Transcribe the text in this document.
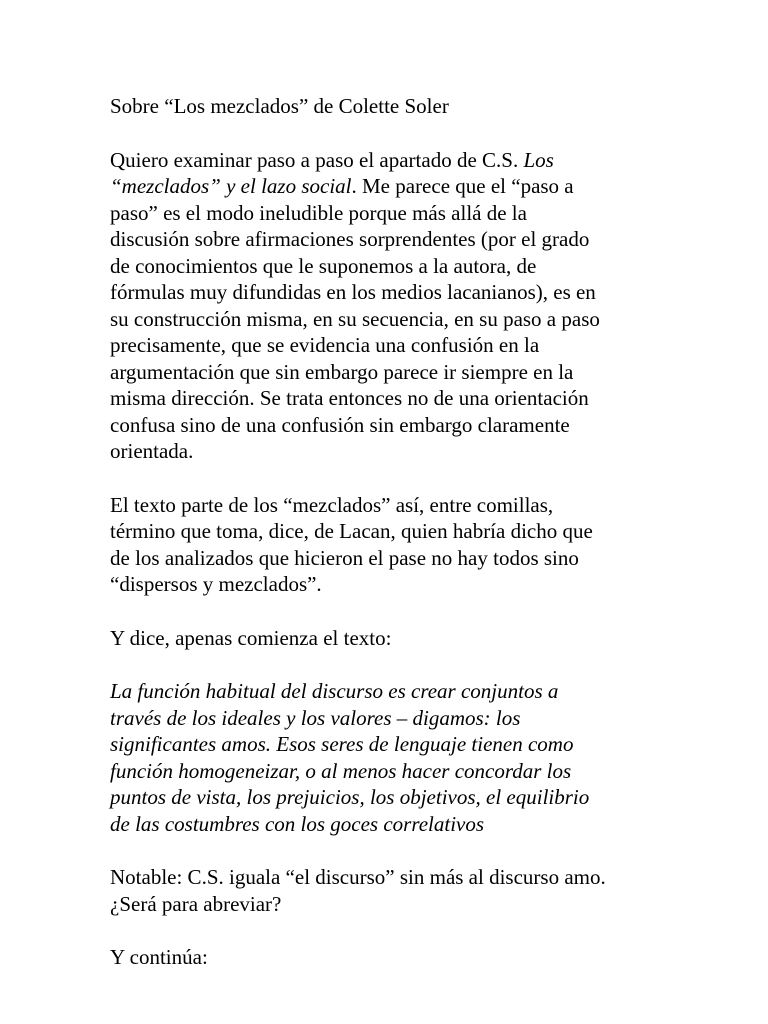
Sobre “Los mezclados” de Colette Soler
Quiero examinar paso a paso el apartado de C.S. Los
“mezclados” y el lazo social. Me parece que el “paso a
paso” es el modo ineludible porque más allá de la
discusión sobre afirmaciones sorprendentes (por el grado
de conocimientos que le suponemos a la autora, de
fórmulas muy difundidas en los medios lacanianos), es en
su construcción misma, en su secuencia, en su paso a paso
precisamente, que se evidencia una confusión en la
argumentación que sin embargo parece ir siempre en la
misma dirección. Se trata entonces no de una orientación
confusa sino de una confusión sin embargo claramente
orientada.
El texto parte de los “mezclados” así, entre comillas,
término que toma, dice, de Lacan, quien habría dicho que
de los analizados que hicieron el pase no hay todos sino
“dispersos y mezclados”.
Y dice, apenas comienza el texto:
La función habitual del discurso es crear conjuntos a
través de los ideales y los valores – digamos: los
significantes amos. Esos seres de lenguaje tienen como
función homogeneizar, o al menos hacer concordar los
puntos de vista, los prejuicios, los objetivos, el equilibrio
de las costumbres con los goces correlativos
Notable: C.S. iguala “el discurso” sin más al discurso amo.
¿Será para abreviar?
Y continúa:
